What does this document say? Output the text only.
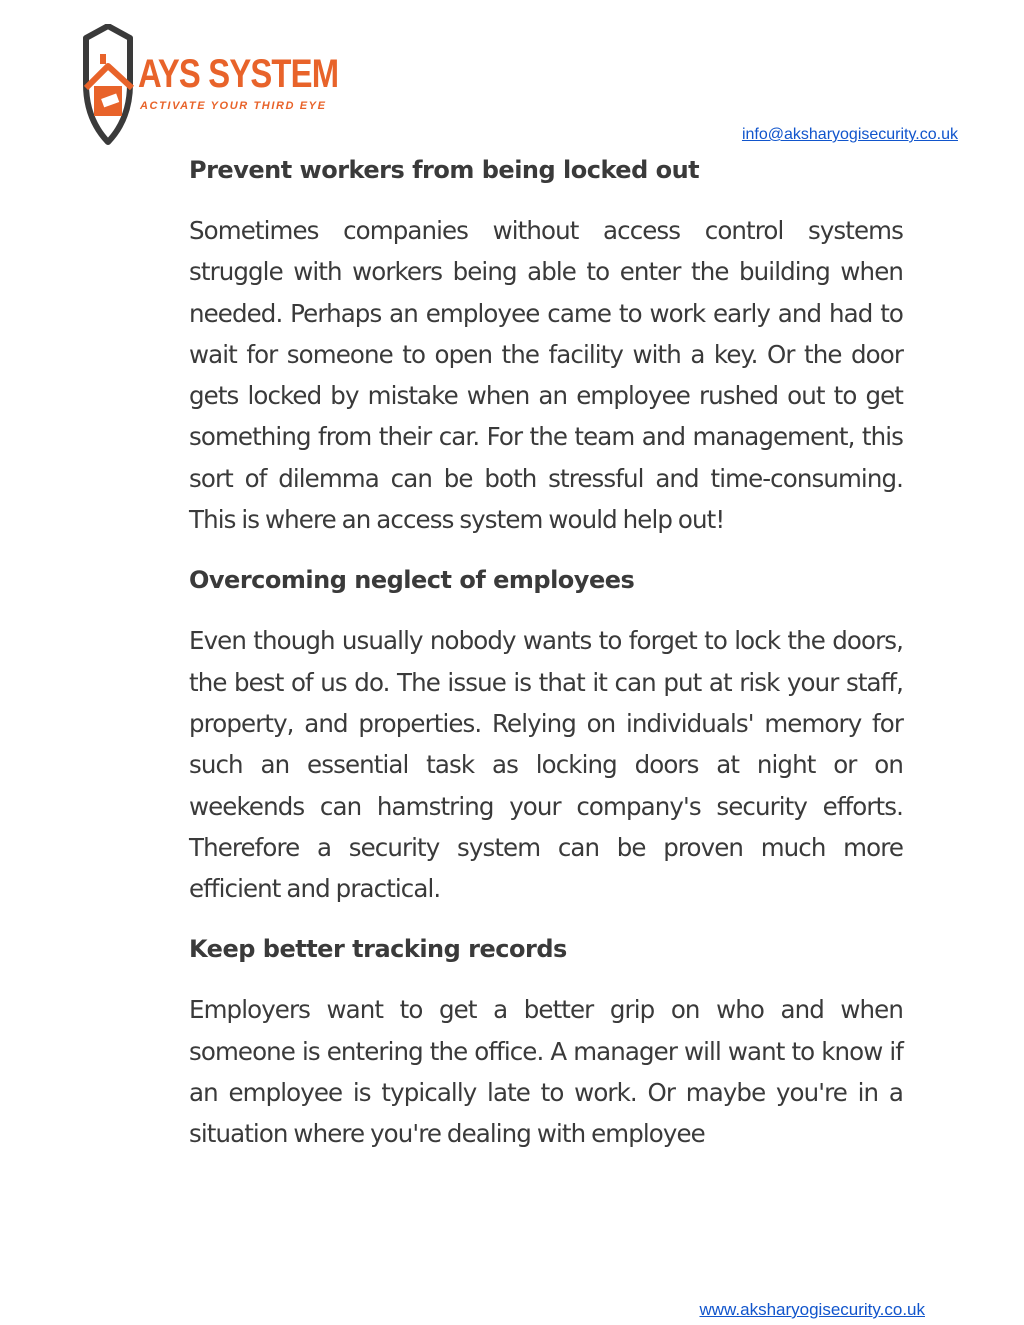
AYS SYSTEM
ACTIVATE YOUR THIRD EYE
info@aksharyogisecurity.co.uk
Prevent workers from being locked out

Sometimes companies without access control systems struggle with workers being able to enter the building when needed. Perhaps an employee came to work early and had to wait for someone to open the facility with a key. Or the door gets locked by mistake when an employee rushed out to get something from their car. For the team and management, this sort of dilemma can be both stressful and time-consuming. This is where an access system would help out!

Overcoming neglect of employees

Even though usually nobody wants to forget to lock the doors, the best of us do. The issue is that it can put at risk your staff, property, and properties. Relying on individuals' memory for such an essential task as locking doors at night or on weekends can hamstring your company's security efforts. Therefore a security system can be proven much more efficient and practical.

Keep better tracking records

Employers want to get a better grip on who and when someone is entering the office. A manager will want to know if an employee is typically late to work. Or maybe you're in a situation where you're dealing with employee

www.aksharyogisecurity.co.uk
